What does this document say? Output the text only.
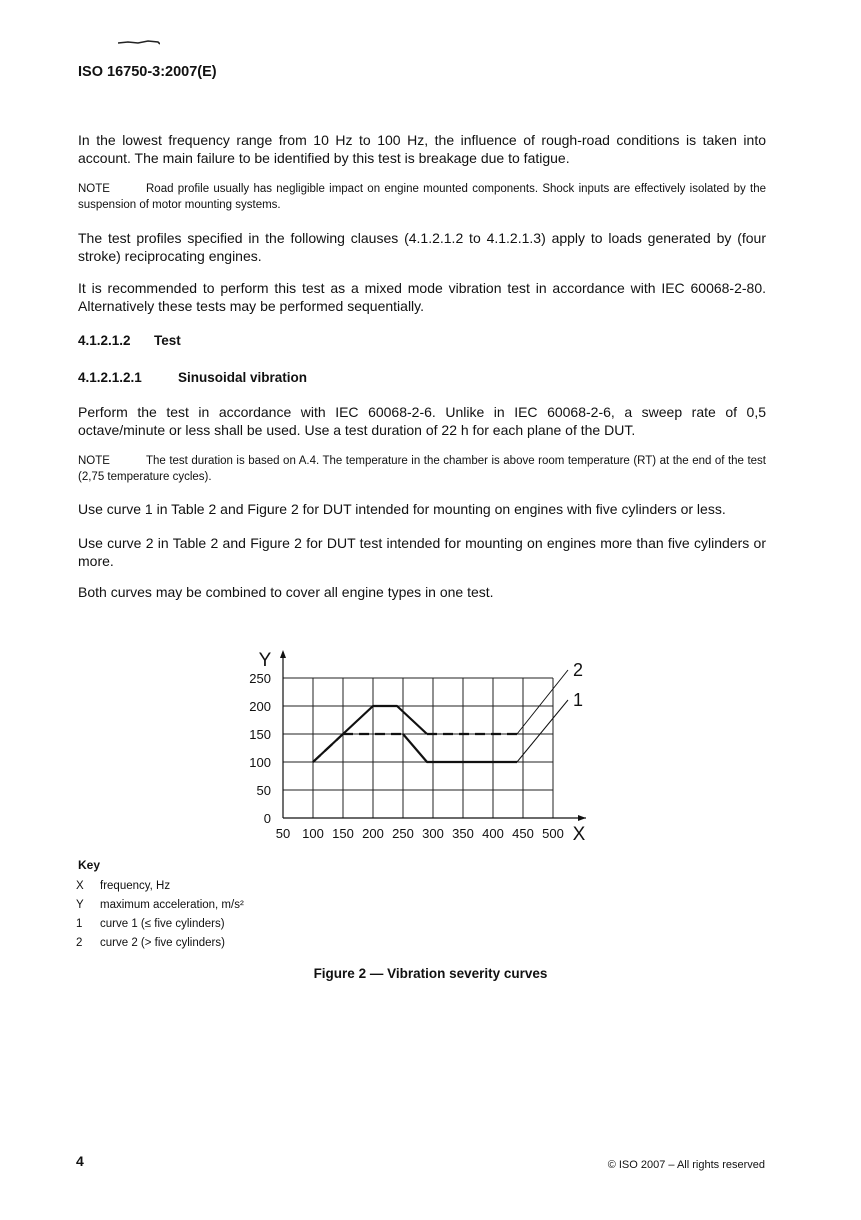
ISO 16750-3:2007(E)
In the lowest frequency range from 10 Hz to 100 Hz, the influence of rough-road conditions is taken into account. The main failure to be identified by this test is breakage due to fatigue.
NOTE	Road profile usually has negligible impact on engine mounted components. Shock inputs are effectively isolated by the suspension of motor mounting systems.
The test profiles specified in the following clauses (4.1.2.1.2 to 4.1.2.1.3) apply to loads generated by (four stroke) reciprocating engines.
It is recommended to perform this test as a mixed mode vibration test in accordance with IEC 60068-2-80. Alternatively these tests may be performed sequentially.
4.1.2.1.2 Test
4.1.2.1.2.1	Sinusoidal vibration
Perform the test in accordance with IEC 60068-2-6. Unlike in IEC 60068-2-6, a sweep rate of 0,5 octave/minute or less shall be used. Use a test duration of 22 h for each plane of the DUT.
NOTE	The test duration is based on A.4. The temperature in the chamber is above room temperature (RT) at the end of the test (2,75 temperature cycles).
Use curve 1 in Table 2 and Figure 2 for DUT intended for mounting on engines with five cylinders or less.
Use curve 2 in Table 2 and Figure 2 for DUT test intended for mounting on engines more than five cylinders or more.
Both curves may be combined to cover all engine types in one test.
50 100 150 200 250 300 350 400 450 500
0
50
100
150
200
250
X
Y	2
1
Key
X frequency, Hz
Y maximum acceleration, m/s²
1 curve 1 (≤ five cylinders)
2 curve 2 (> five cylinders)
Figure 2 — Vibration severity curves
4	© ISO 2007 – All rights reserved
